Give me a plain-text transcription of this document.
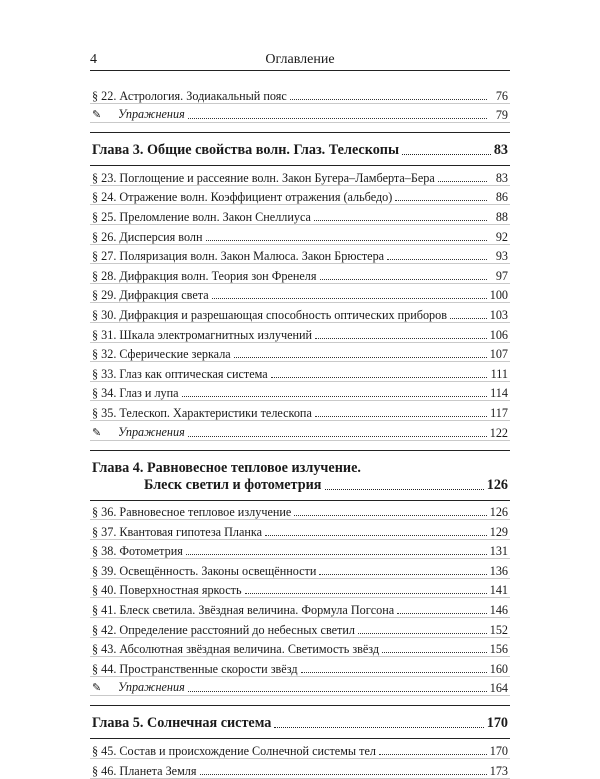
4	Оглавление
§ 22. Астрология. Зодиакальный пояс	76
✎ Упражнения	79
Глава 3. Общие свойства волн. Глаз. Телескопы	83
§ 23. Поглощение и рассеяние волн. Закон Бугера–Ламберта–Бера	83
§ 24. Отражение волн. Коэффициент отражения (альбедо)	86
§ 25. Преломление волн. Закон Снеллиуса	88
§ 26. Дисперсия волн	92
§ 27. Поляризация волн. Закон Малюса. Закон Брюстера	93
§ 28. Дифракция волн. Теория зон Френеля	97
§ 29. Дифракция света	100
§ 30. Дифракция и разрешающая способность оптических приборов	103
§ 31. Шкала электромагнитных излучений	106
§ 32. Сферические зеркала	107
§ 33. Глаз как оптическая система	111
§ 34. Глаз и лупа	114
§ 35. Телескоп. Характеристики телескопа	117
✎ Упражнения	122
Глава 4. Равновесное тепловое излучение.
Блеск светил и фотометрия	126
§ 36. Равновесное тепловое излучение	126
§ 37. Квантовая гипотеза Планка	129
§ 38. Фотометрия	131
§ 39. Освещённость. Законы освещённости	136
§ 40. Поверхностная яркость	141
§ 41. Блеск светила. Звёздная величина. Формула Погсона	146
§ 42. Определение расстояний до небесных светил	152
§ 43. Абсолютная звёздная величина. Светимость звёзд	156
§ 44. Пространственные скорости звёзд	160
✎ Упражнения	164
Глава 5. Солнечная система	170
§ 45. Состав и происхождение Солнечной системы тел	170
§ 46. Планета Земля	173
